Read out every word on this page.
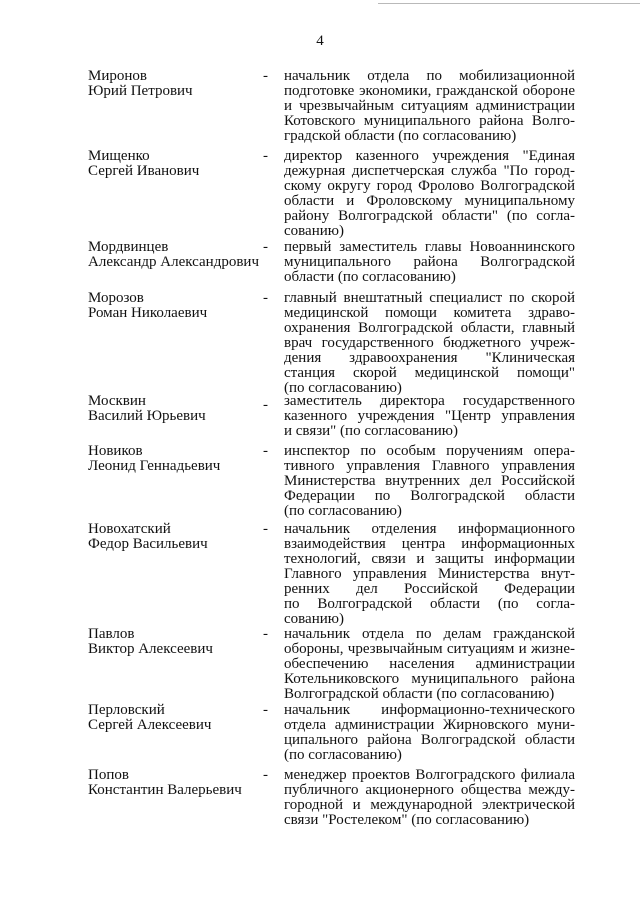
4
Миронов
Юрий Петрович
- начальник отдела по мобилизационной
подготовке экономики, гражданской обороне
и чрезвычайным ситуациям администрации
Котовского муниципального района Волго-
градской области (по согласованию)
Мищенко
Сергей Иванович
- директор казенного учреждения "Единая
дежурная диспетчерская служба "По город-
скому округу город Фролово Волгоградской
области и Фроловскому муниципальному
району Волгоградской области" (по согла-
сованию)
Мордвинцев
Александр Александрович
- первый заместитель главы Новоаннинского
муниципального района Волгоградской
области (по согласованию)
Морозов
Роман Николаевич
- главный внештатный специалист по скорой
медицинской помощи комитета здраво-
охранения Волгоградской области, главный
врач государственного бюджетного учреж-
дения здравоохранения "Клиническая
станция скорой медицинской помощи"
(по согласованию)
Москвин
Василий Юрьевич
- заместитель директора государственного
казенного учреждения "Центр управления
и связи" (по согласованию)
Новиков
Леонид Геннадьевич
- инспектор по особым поручениям опера-
тивного управления Главного управления
Министерства внутренних дел Российской
Федерации по Волгоградской области
(по согласованию)
Новохатский
Федор Васильевич
- начальник отделения информационного
взаимодействия центра информационных
технологий, связи и защиты информации
Главного управления Министерства внут-
ренних дел Российской Федерации
по Волгоградской области (по согла-
сованию)
Павлов
Виктор Алексеевич
- начальник отдела по делам гражданской
обороны, чрезвычайным ситуациям и жизне-
обеспечению населения администрации
Котельниковского муниципального района
Волгоградской области (по согласованию)
Перловский
Сергей Алексеевич
- начальник информационно-технического
отдела администрации Жирновского муни-
ципального района Волгоградской области
(по согласованию)
Попов
Константин Валерьевич
- менеджер проектов Волгоградского филиала
публичного акционерного общества между-
городной и международной электрической
связи "Ростелеком" (по согласованию)
